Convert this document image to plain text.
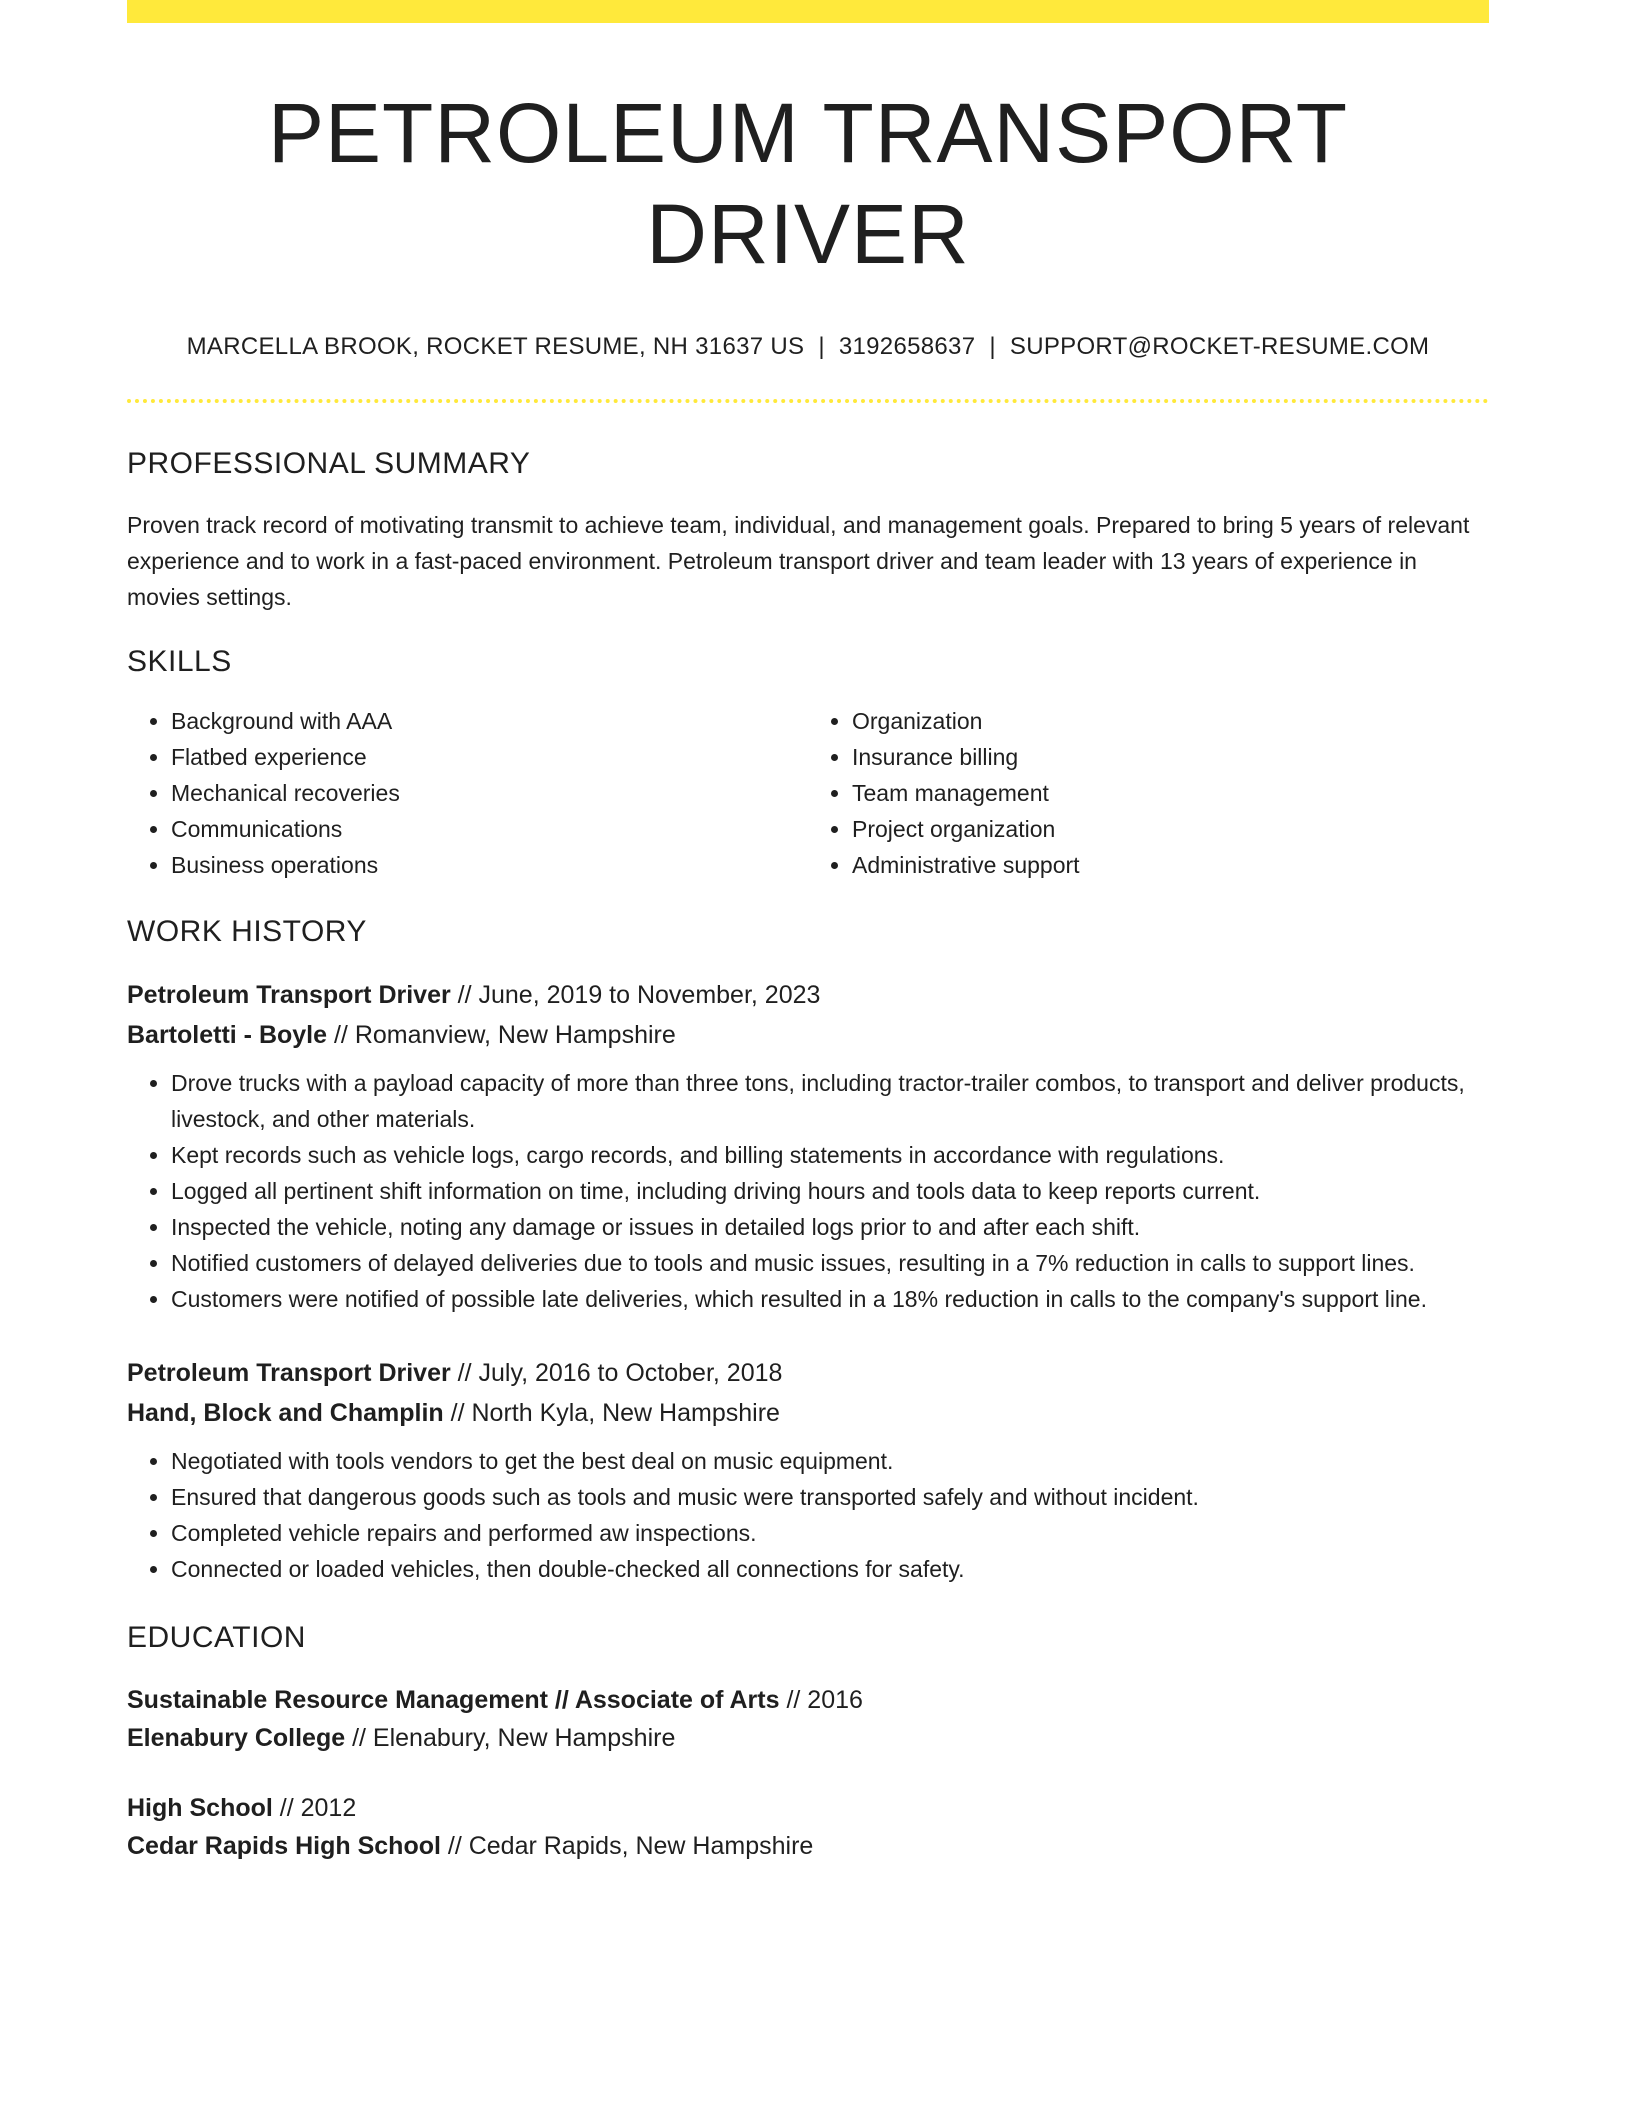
PETROLEUM TRANSPORT DRIVER
MARCELLA BROOK, ROCKET RESUME, NH 31637 US | 3192658637 | SUPPORT@ROCKET-RESUME.COM
PROFESSIONAL SUMMARY

Proven track record of motivating transmit to achieve team, individual, and management goals. Prepared to bring 5 years of relevant experience and to work in a fast-paced environment. Petroleum transport driver and team leader with 13 years of experience in movies settings.

SKILLS
• Background with AAA
• Flatbed experience
• Mechanical recoveries
• Communications
• Business operations
• Organization
• Insurance billing
• Team management
• Project organization
• Administrative support
WORK HISTORY
Petroleum Transport Driver // June, 2019 to November, 2023
Bartoletti - Boyle // Romanview, New Hampshire
• Drove trucks with a payload capacity of more than three tons, including tractor-trailer combos, to transport and deliver products, livestock, and other materials.
• Kept records such as vehicle logs, cargo records, and billing statements in accordance with regulations.
• Logged all pertinent shift information on time, including driving hours and tools data to keep reports current.
• Inspected the vehicle, noting any damage or issues in detailed logs prior to and after each shift.
• Notified customers of delayed deliveries due to tools and music issues, resulting in a 7% reduction in calls to support lines.
• Customers were notified of possible late deliveries, which resulted in a 18% reduction in calls to the company's support line.
Petroleum Transport Driver // July, 2016 to October, 2018
Hand, Block and Champlin // North Kyla, New Hampshire
• Negotiated with tools vendors to get the best deal on music equipment.
• Ensured that dangerous goods such as tools and music were transported safely and without incident.
• Completed vehicle repairs and performed aw inspections.
• Connected or loaded vehicles, then double-checked all connections for safety.
EDUCATION
Sustainable Resource Management // Associate of Arts // 2016
Elenabury College // Elenabury, New Hampshire
High School // 2012
Cedar Rapids High School // Cedar Rapids, New Hampshire
